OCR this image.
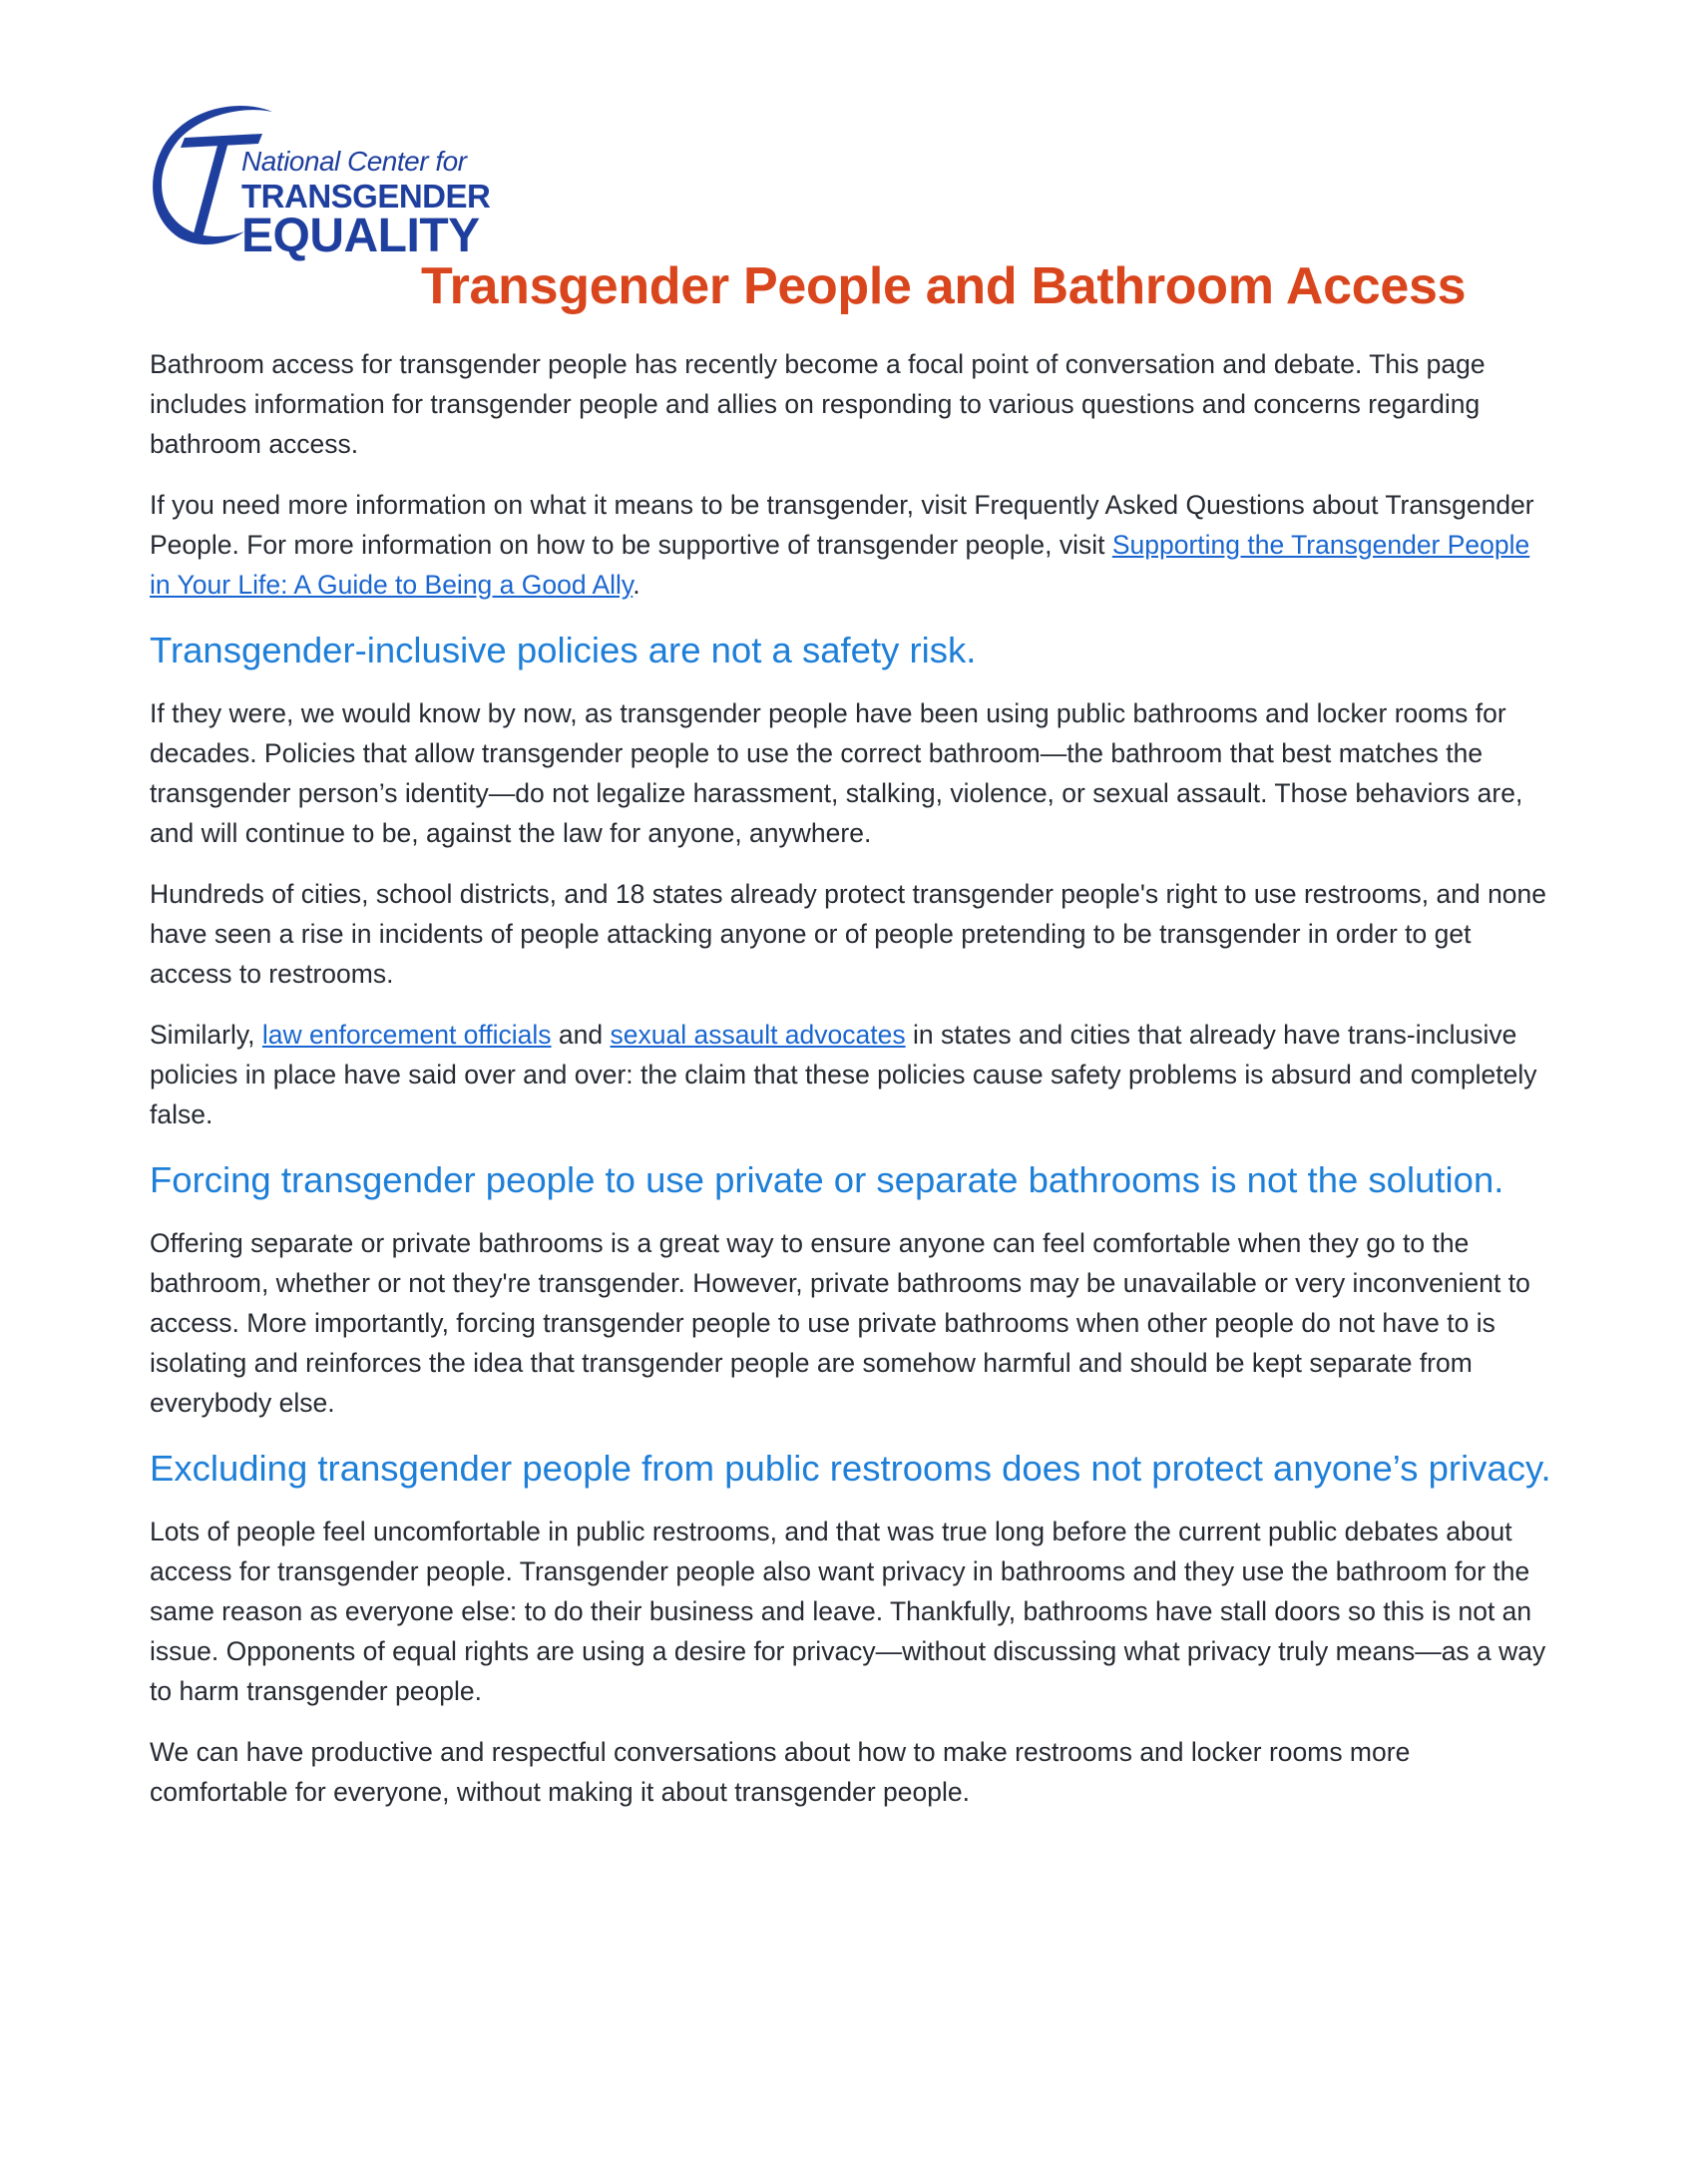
National Center for
TRANSGENDER
EQUALITY
Transgender People and Bathroom Access

Bathroom access for transgender people has recently become a focal point of conversation and debate. This page includes information for transgender people and allies on responding to various questions and concerns regarding bathroom access.

If you need more information on what it means to be transgender, visit Frequently Asked Questions about Transgender People. For more information on how to be supportive of transgender people, visit Supporting the Transgender People in Your Life: A Guide to Being a Good Ally.

Transgender-inclusive policies are not a safety risk.

If they were, we would know by now, as transgender people have been using public bathrooms and locker rooms for decades. Policies that allow transgender people to use the correct bathroom—the bathroom that best matches the transgender person’s identity—do not legalize harassment, stalking, violence, or sexual assault. Those behaviors are, and will continue to be, against the law for anyone, anywhere.

Hundreds of cities, school districts, and 18 states already protect transgender people's right to use restrooms, and none have seen a rise in incidents of people attacking anyone or of people pretending to be transgender in order to get access to restrooms.

Similarly, law enforcement officials and sexual assault advocates in states and cities that already have trans-inclusive policies in place have said over and over: the claim that these policies cause safety problems is absurd and completely false.

Forcing transgender people to use private or separate bathrooms is not the solution.

Offering separate or private bathrooms is a great way to ensure anyone can feel comfortable when they go to the bathroom, whether or not they're transgender. However, private bathrooms may be unavailable or very inconvenient to access. More importantly, forcing transgender people to use private bathrooms when other people do not have to is isolating and reinforces the idea that transgender people are somehow harmful and should be kept separate from everybody else.

Excluding transgender people from public restrooms does not protect anyone’s privacy.

Lots of people feel uncomfortable in public restrooms, and that was true long before the current public debates about access for transgender people. Transgender people also want privacy in bathrooms and they use the bathroom for the same reason as everyone else: to do their business and leave. Thankfully, bathrooms have stall doors so this is not an issue. Opponents of equal rights are using a desire for privacy—without discussing what privacy truly means—as a way to harm transgender people.

We can have productive and respectful conversations about how to make restrooms and locker rooms more comfortable for everyone, without making it about transgender people.
